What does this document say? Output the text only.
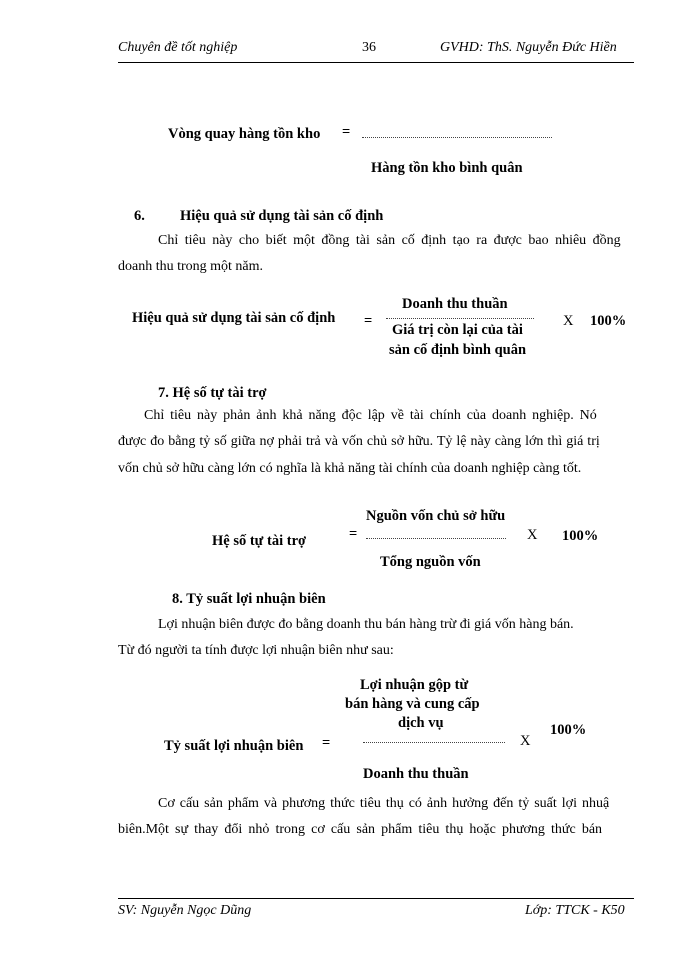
Chuyên đề tốt nghiệp	36	GVHD: ThS. Nguyễn Đức Hiền
Vòng quay hàng tồn kho =
Hàng tồn kho bình quân
6. Hiệu quả sử dụng tài sản cố định
Chỉ tiêu này cho biết một đồng tài sản cố định tạo ra được bao nhiêu đồng
doanh thu trong một năm.
Hiệu quả sử dụng tài sản cố định
Doanh thu thuần
=
Giá trị còn lại của tài
sản cố định bình quân
X 100%
7. Hệ số tự tài trợ
Chỉ tiêu này phản ảnh khả năng độc lập về tài chính của doanh nghiệp. Nó
được đo bằng tỷ số giữa nợ phải trả và vốn chủ sở hữu. Tỷ lệ này càng lớn thì giá trị
vốn chủ sở hữu càng lớn có nghĩa là khả năng tài chính của doanh nghiệp càng tốt.
Nguồn vốn chủ sở hữu
Hệ số tự tài trợ	=	X 100%
Tổng nguồn vốn
8. Tỷ suất lợi nhuận biên
Lợi nhuận biên được đo bằng doanh thu bán hàng trừ đi giá vốn hàng bán.
Từ đó người ta tính được lợi nhuận biên như sau:
Lợi nhuận gộp từ
bán hàng và cung cấp
dịch vụ	100%
Tỷ suất lợi nhuận biên =	X
Doanh thu thuần
Cơ cấu sản phẩm và phương thức tiêu thụ có ảnh hưởng đến tỷ suất lợi nhuậ
biên.Một sự thay đổi nhỏ trong cơ cấu sản phẩm tiêu thụ hoặc phương thức bán
SV: Nguyễn Ngọc Dũng	Lớp: TTCK - K50
